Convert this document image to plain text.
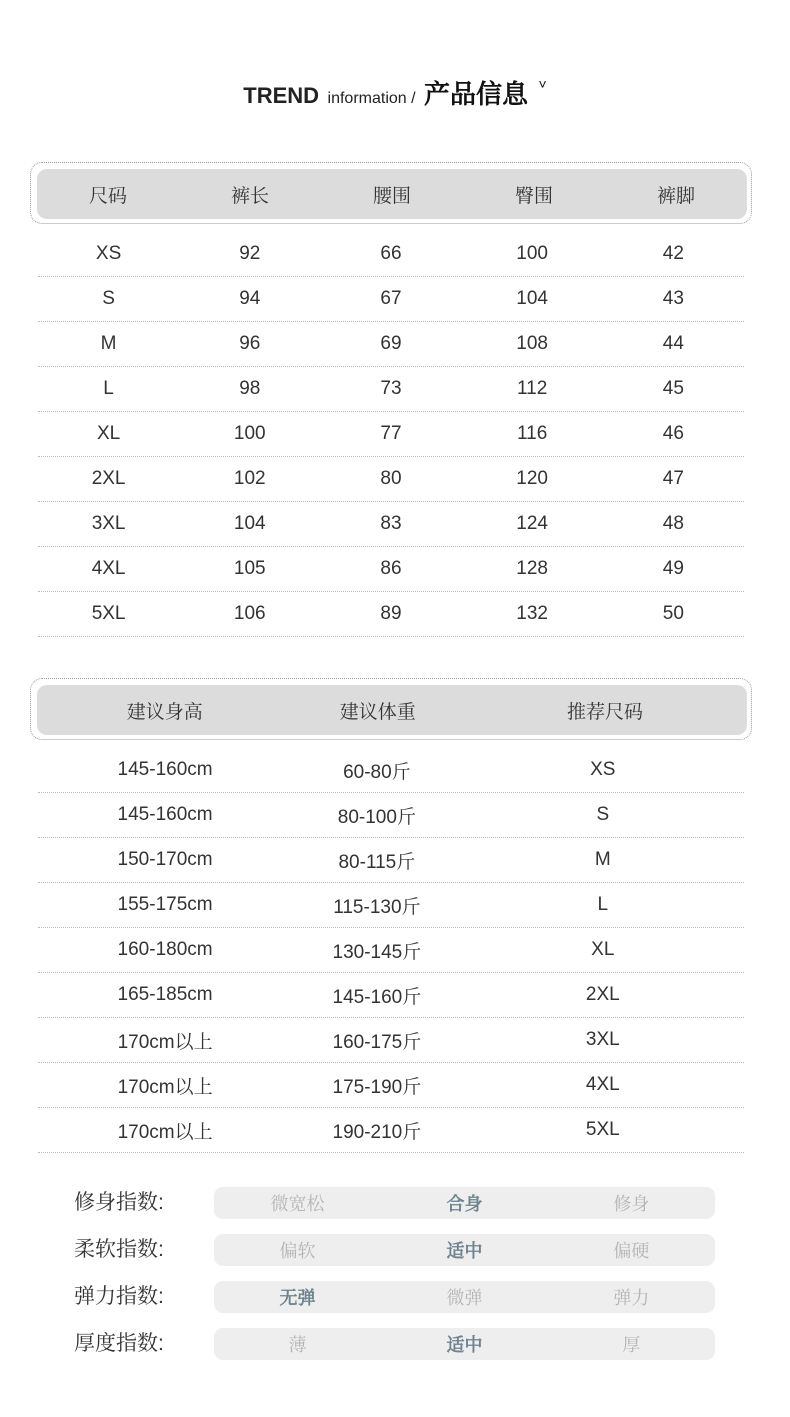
TREND information / 产品信息 ˅
尺码	裤长	腰围	臀围	裤脚
XS	92	66	100	42
S	94	67	104	43
M	96	69	108	44
L	98	73	112	45
XL	100	77	116	46
2XL	102	80	120	47
3XL	104	83	124	48
4XL	105	86	128	49
5XL	106	89	132	50
建议身高	建议体重	推荐尺码
145-160cm	60-80斤	XS
145-160cm	80-100斤	S
150-170cm	80-115斤	M
155-175cm	115-130斤	L
160-180cm	130-145斤	XL
165-185cm	145-160斤	2XL
170cm以上	160-175斤	3XL
170cm以上	175-190斤	4XL
170cm以上	190-210斤	5XL
修身指数:	微宽松	合身	修身
柔软指数:	偏软	适中	偏硬
弹力指数:	无弹	微弹	弹力
厚度指数:	薄	适中	厚
